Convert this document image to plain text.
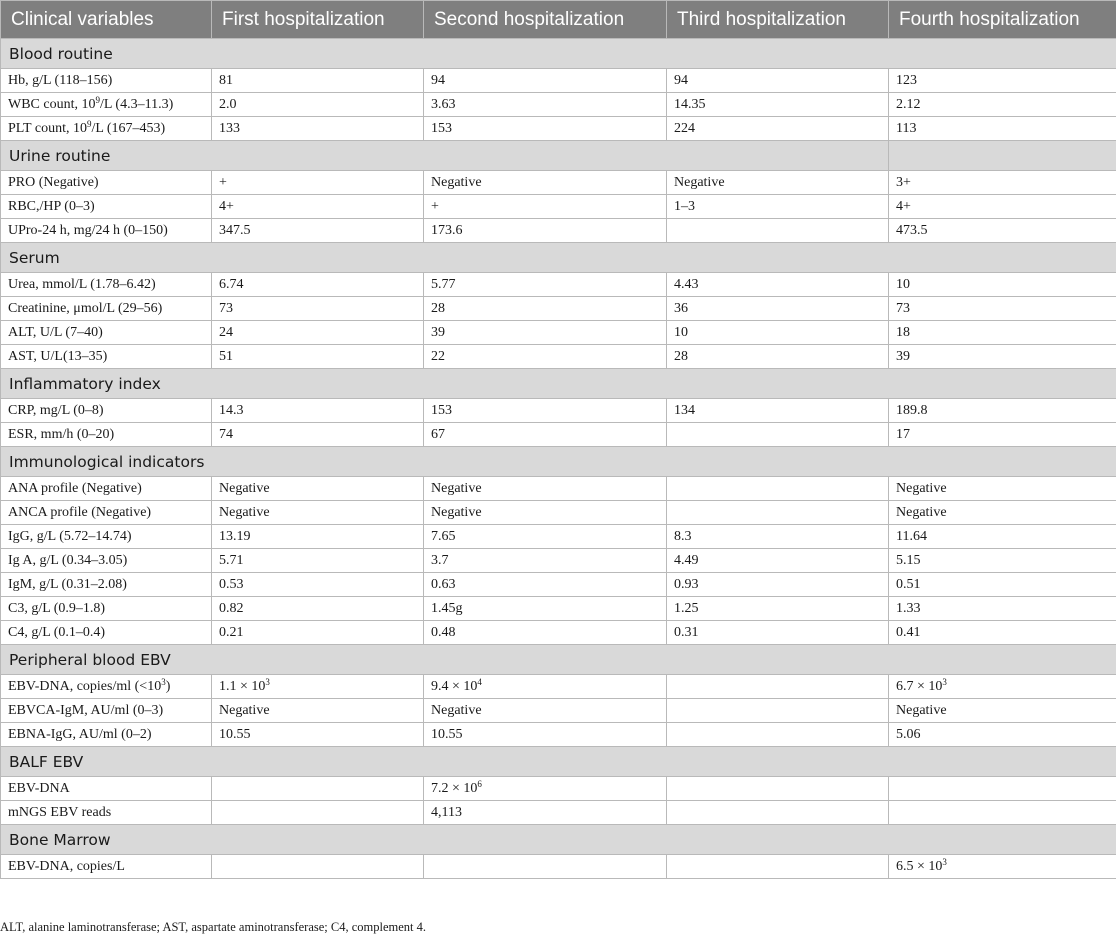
Clinical variables	First hospitalization	Second hospitalization	Third hospitalization	Fourth hospitalization
Blood routine				
Hb, g/L (118–156)	81	94	94	123
WBC count, $10^9/L$ (4.3–11.3)	2.0	3.63	14.35	2.12
PLT count, $10^9/L$ (167–453)	133	153	224	113
Urine routine				
PRO (Negative)	+	Negative	Negative	3+
RBC,/HP (0–3)	4+	+	1–3	4+
UPro-24 h, mg/24 h (0–150)	347.5	173.6		473.5
Serum				
Urea, mmol/L (1.78–6.42)	6.74	5.77	4.43	10
Creatinine, μmol/L (29–56)	73	28	36	73
ALT, U/L (7–40)	24	39	10	18
AST, U/L(13–35)	51	22	28	39
Inflammatory index				
CRP, mg/L (0–8)	14.3	153	134	189.8
ESR, mm/h (0–20)	74	67		17
Immunological indicators				
ANA profile (Negative)	Negative	Negative		Negative
ANCA profile (Negative)	Negative	Negative		Negative
IgG, g/L (5.72–14.74)	13.19	7.65	8.3	11.64
Ig A, g/L (0.34–3.05)	5.71	3.7	4.49	5.15
IgM, g/L (0.31–2.08)	0.53	0.63	0.93	0.51
C3, g/L (0.9–1.8)	0.82	1.45g	1.25	1.33
C4, g/L (0.1–0.4)	0.21	0.48	0.31	0.41
Peripheral blood EBV				
EBV-DNA, copies/ml $(<10^3)$	$1.1 \times 10^3$	$9.4 \times 10^4$		$6.7 \times 10^3$
EBVCA-IgM, AU/ml (0–3)	Negative	Negative		Negative
EBNA-IgG, AU/ml (0–2)	10.55	10.55		5.06
BALF EBV				
EBV-DNA		$7.2 \times 10^6$		
mNGS EBV reads		4,113		
Bone Marrow				
EBV-DNA, copies/L				$6.5 \times 10^3$
ALT, alanine laminotransferase; AST, aspartate aminotransferase; C4, complement 4.
